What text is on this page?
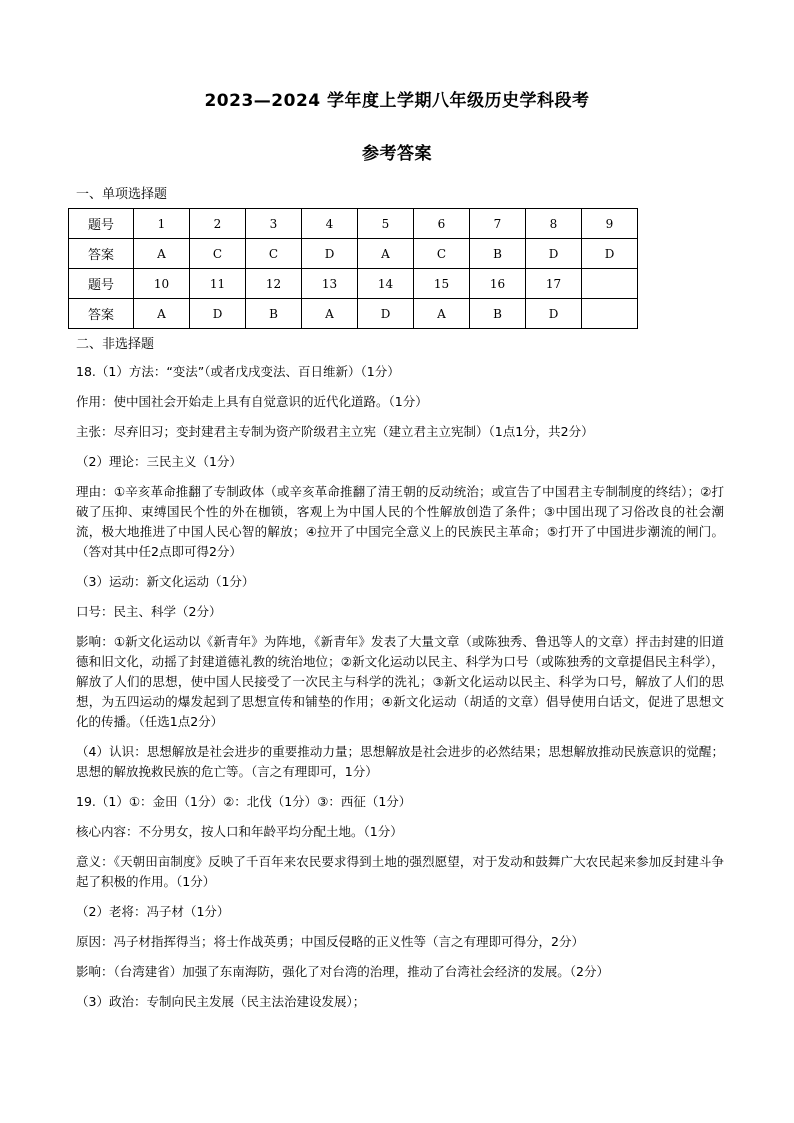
2023—2024 学年度上学期八年级历史学科段考
参考答案
一、单项选择题
题号	1	2	3	4	5	6	7	8	9
答案	A	C	C	D	A	C	B	D	D
题号	10	11	12	13	14	15	16	17	
答案	A	D	B	A	D	A	B	D	
二、非选择题

18.（1）方法：“变法”（或者戊戌变法、百日维新）（1分）

作用：使中国社会开始走上具有自觉意识的近代化道路。（1分）

主张：尽弃旧习；变封建君主专制为资产阶级君主立宪（建立君主立宪制）（1点1分，共2分）

（2）理论：三民主义（1分）

理由：①辛亥革命推翻了专制政体（或辛亥革命推翻了清王朝的反动统治；或宣告了中国君主专制制度的终结）；②打破了压抑、束缚国民个性的外在枷锁，客观上为中国人民的个性解放创造了条件；③中国出现了习俗改良的社会潮流，极大地推进了中国人民心智的解放；④拉开了中国完全意义上的民族民主革命；⑤打开了中国进步潮流的闸门。（答对其中任2点即可得2分）

（3）运动：新文化运动（1分）

口号：民主、科学（2分）

影响：①新文化运动以《新青年》为阵地，《新青年》发表了大量文章（或陈独秀、鲁迅等人的文章）抨击封建的旧道德和旧文化，动摇了封建道德礼教的统治地位；②新文化运动以民主、科学为口号（或陈独秀的文章提倡民主科学），解放了人们的思想，使中国人民接受了一次民主与科学的洗礼；③新文化运动以民主、科学为口号，解放了人们的思想，为五四运动的爆发起到了思想宣传和铺垫的作用；④新文化运动（胡适的文章）倡导使用白话文，促进了思想文化的传播。（任选1点2分）

（4）认识：思想解放是社会进步的重要推动力量；思想解放是社会进步的必然结果；思想解放推动民族意识的觉醒；思想的解放挽救民族的危亡等。（言之有理即可，1分）

19.（1）①：金田（1分）②：北伐（1分）③：西征（1分）

核心内容：不分男女，按人口和年龄平均分配土地。（1分）

意义：《天朝田亩制度》反映了千百年来农民要求得到土地的强烈愿望，对于发动和鼓舞广大农民起来参加反封建斗争起了积极的作用。（1分）

（2）老将：冯子材（1分）

原因：冯子材指挥得当；将士作战英勇；中国反侵略的正义性等（言之有理即可得分，2分）

影响：（台湾建省）加强了东南海防，强化了对台湾的治理，推动了台湾社会经济的发展。（2分）

（3）政治：专制向民主发展（民主法治建设发展）；
